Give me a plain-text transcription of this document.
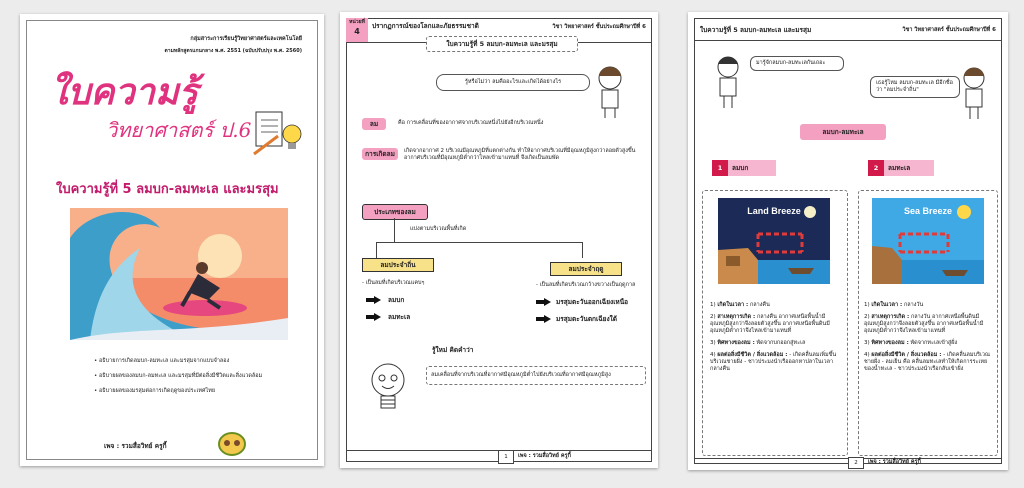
กลุ่มสาระการเรียนรู้วิทยาศาสตร์และเทคโนโลยี
ตามหลักสูตรแกนกลาง พ.ศ. 2551 (ฉบับปรับปรุง พ.ศ. 2560)
ใบความรู้
วิทยาศาสตร์ ป.6
ใบความรู้ที่ 5 ลมบก-ลมทะเล และมรสุม
• อธิบายการเกิดลมบก-ลมทะเล และมรสุมจากแบบจำลอง
• อธิบายผลของลมบก-ลมทะเล และมรสุมที่มีต่อสิ่งมีชีวิตและสิ่งแวดล้อม
• อธิบายผลของมรสุมต่อการเกิดฤดูของประเทศไทย
เพจ : รวมสื่อวิทย์ ครูกี้
หน่วยที่
4
ปรากฏการณ์ของโลกและภัยธรรมชาติ	วิชา วิทยาศาสตร์ ชั้นประถมศึกษาปีที่ 6
ใบความรู้ที่ 5 ลมบก-ลมทะเล และมรสุม
รู้หรือไม่ว่า ลมคืออะไรและเกิดได้อย่างไร
ลม	คือ การเคลื่อนที่ของอากาศจากบริเวณหนึ่งไปยังอีกบริเวณหนึ่ง
การเกิดลม	เกิดจากอากาศ 2 บริเวณมีอุณหภูมิที่แตกต่างกัน ทำให้อากาศบริเวณที่มีอุณหภูมิสูงกว่าลอยตัวสูงขึ้น อากาศบริเวณที่มีอุณหภูมิต่ำกว่าไหลเข้ามาแทนที่ จึงเกิดเป็นลมพัด
ประเภทของลม
แบ่งตามบริเวณพื้นที่เกิด
ลมประจำถิ่น	ลมประจำฤดู
- เป็นลมที่เกิดบริเวณแคบๆ	- เป็นลมที่เกิดบริเวณกว้างขวางเป็นฤดูกาล
ลมบก
ลมทะเล
มรสุมตะวันออกเฉียงเหนือ
มรสุมตะวันตกเฉียงใต้
รู้ใหม่ คิดคำว่า
ลมเคลื่อนที่จากบริเวณที่อากาศมีอุณหภูมิต่ำไปยังบริเวณที่อากาศมีอุณหภูมิสูง
1	เพจ : รวมสื่อวิทย์ ครูกี้
ใบความรู้ที่ 5 ลมบก-ลมทะเล และมรสุม	วิชา วิทยาศาสตร์ ชั้นประถมศึกษาปีที่ 6
มารู้จักลมบก-ลมทะเลกันเถอะ
เธอรู้ไหม ลมบก-ลมทะเล มีอีกชื่อว่า "ลมประจำถิ่น"
ลมบก-ลมทะเล
ลมบก
1	ลมทะเล
2
Land Breeze	Sea Breeze
1) เกิดในเวลา : กลางคืน
2) สาเหตุการเกิด : กลางคืน อากาศเหนือพื้นน้ำมีอุณหภูมิสูงกว่าจึงลอยตัวสูงขึ้น อากาศเหนือพื้นดินมีอุณหภูมิต่ำกว่าจึงไหลเข้ามาแทนที่
3) ทิศทางของลม : พัดจากบกออกสู่ทะเล
4) ผลต่อสิ่งมีชีวิต / สิ่งแวดล้อม : - เกิดคลื่นลมเพิ่มขึ้นบริเวณชายฝั่ง - ชาวประมงนำเรือออกหาปลาในเวลากลางคืน
1) เกิดในเวลา : กลางวัน
2) สาเหตุการเกิด : กลางวัน อากาศเหนือพื้นดินมีอุณหภูมิสูงกว่าจึงลอยตัวสูงขึ้น อากาศเหนือพื้นน้ำมีอุณหภูมิต่ำกว่าจึงไหลเข้ามาแทนที่
3) ทิศทางของลม : พัดจากทะเลเข้าสู่ฝั่ง
4) ผลต่อสิ่งมีชีวิต / สิ่งแวดล้อม : - เกิดคลื่นลมบริเวณชายฝั่ง - ลมเย็น คือ คลื่นลมทะเลทำให้เกิดการระเหยของน้ำทะเล - ชาวประมงนำเรือกลับเข้าฝั่ง
2	เพจ : รวมสื่อวิทย์ ครูกี้
